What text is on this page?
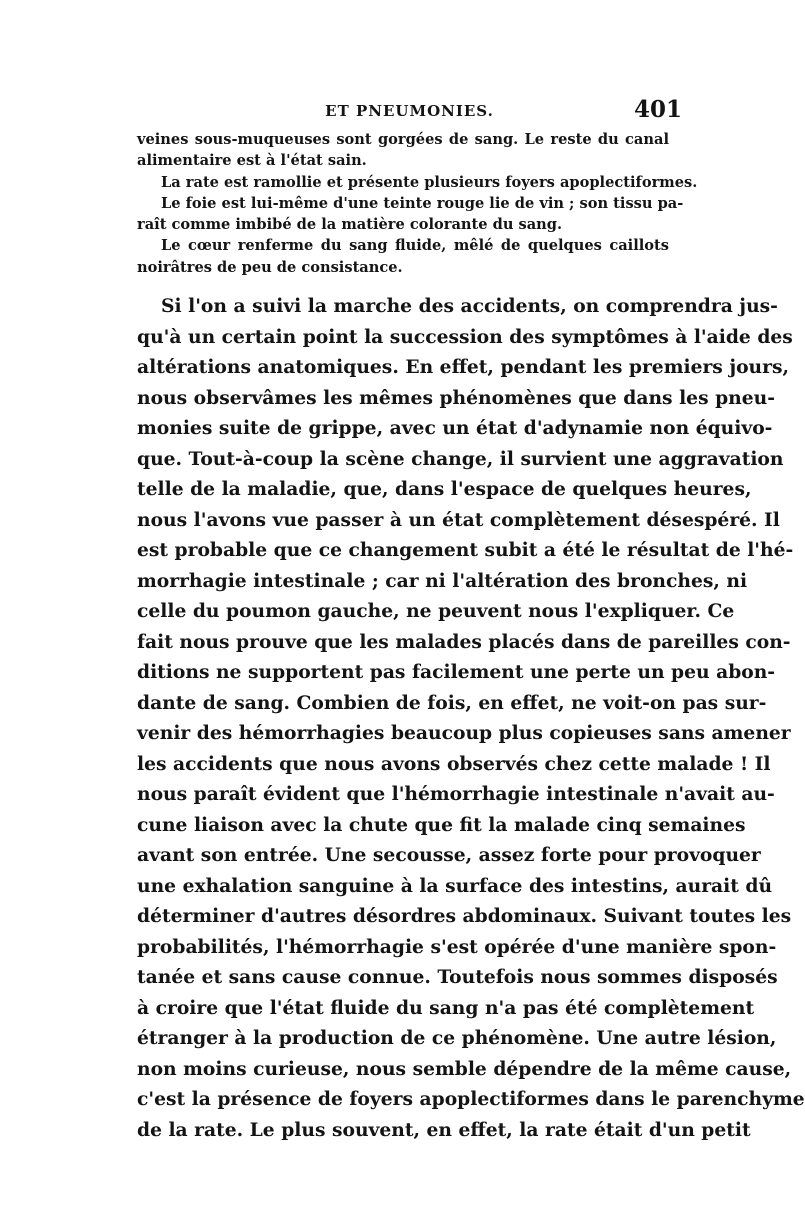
ET PNEUMONIES.	401
veines sous-muqueuses sont gorgées de sang. Le reste du canal
alimentaire est à l'état sain.
La rate est ramollie et présente plusieurs foyers apoplectiformes.
Le foie est lui-même d'une teinte rouge lie de vin ; son tissu pa-
raît comme imbibé de la matière colorante du sang.
Le cœur renferme du sang fluide, mêlé de quelques caillots
noirâtres de peu de consistance.
Si l'on a suivi la marche des accidents, on comprendra jus-
qu'à un certain point la succession des symptômes à l'aide des
altérations anatomiques. En effet, pendant les premiers jours,
nous observâmes les mêmes phénomènes que dans les pneu-
monies suite de grippe, avec un état d'adynamie non équivo-
que. Tout-à-coup la scène change, il survient une aggravation
telle de la maladie, que, dans l'espace de quelques heures,
nous l'avons vue passer à un état complètement désespéré. Il
est probable que ce changement subit a été le résultat de l'hé-
morrhagie intestinale ; car ni l'altération des bronches, ni
celle du poumon gauche, ne peuvent nous l'expliquer. Ce
fait nous prouve que les malades placés dans de pareilles con-
ditions ne supportent pas facilement une perte un peu abon-
dante de sang. Combien de fois, en effet, ne voit-on pas sur-
venir des hémorrhagies beaucoup plus copieuses sans amener
les accidents que nous avons observés chez cette malade ! Il
nous paraît évident que l'hémorrhagie intestinale n'avait au-
cune liaison avec la chute que fit la malade cinq semaines
avant son entrée. Une secousse, assez forte pour provoquer
une exhalation sanguine à la surface des intestins, aurait dû
déterminer d'autres désordres abdominaux. Suivant toutes les
probabilités, l'hémorrhagie s'est opérée d'une manière spon-
tanée et sans cause connue. Toutefois nous sommes disposés
à croire que l'état fluide du sang n'a pas été complètement
étranger à la production de ce phénomène. Une autre lésion,
non moins curieuse, nous semble dépendre de la même cause,
c'est la présence de foyers apoplectiformes dans le parenchyme
de la rate. Le plus souvent, en effet, la rate était d'un petit
